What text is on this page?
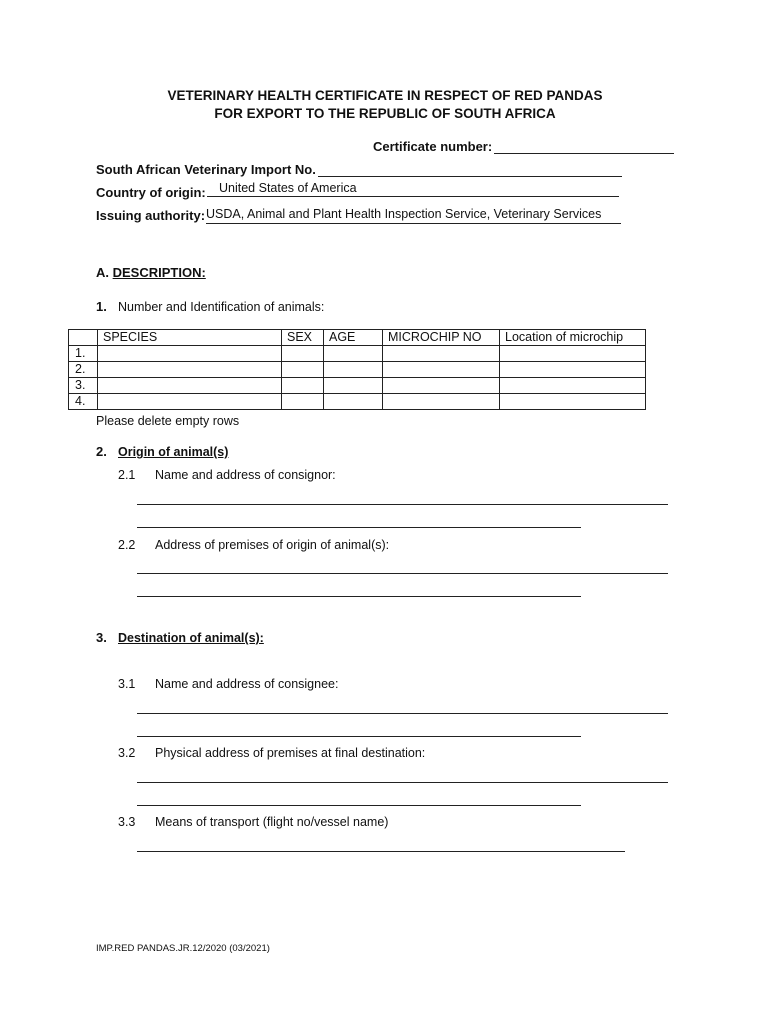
VETERINARY HEALTH CERTIFICATE IN RESPECT OF RED PANDAS
FOR EXPORT TO THE REPUBLIC OF SOUTH AFRICA
Certificate number:
South African Veterinary Import No.
Country of origin:	United States of America
Issuing authority: USDA, Animal and Plant Health Inspection Service, Veterinary Services
A. DESCRIPTION:
1. Number and Identification of animals:
	SPECIES	SEX	AGE	MICROCHIP NO	Location of microchip
1.					
2.					
3.					
4.					
Please delete empty rows
2. Origin of animal(s)
2.1 Name and address of consignor:
2.2 Address of premises of origin of animal(s):
3. Destination of animal(s):
3.1 Name and address of consignee:
3.2 Physical address of premises at final destination:
3.3 Means of transport (flight no/vessel name)
IMP.RED PANDAS.JR.12/2020 (03/2021)
